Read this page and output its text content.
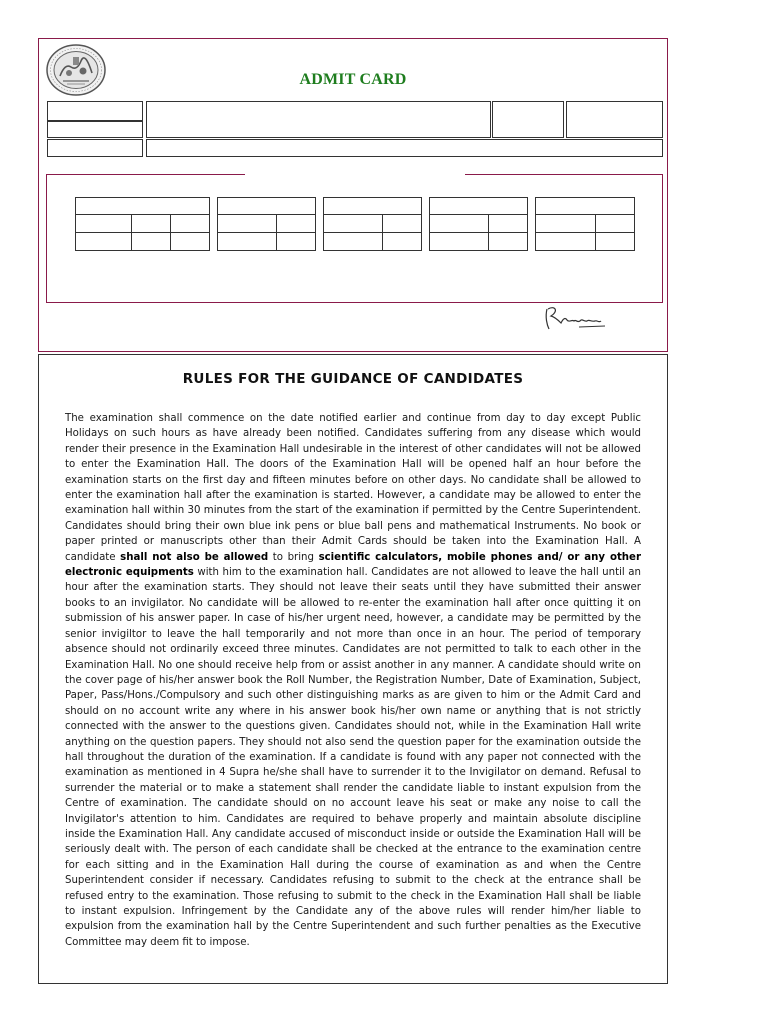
ADMIT CARD
RULES FOR THE GUIDANCE OF CANDIDATES
The examination shall commence on the date notified earlier and continue from day to day except Public Holidays on such hours as have already been notified. Candidates suffering from any disease which would render their presence in the Examination Hall undesirable in the interest of other candidates will not be allowed to enter the Examination Hall. The doors of the Examination Hall will be opened half an hour before the examination starts on the first day and fifteen minutes before on other days. No candidate shall be allowed to enter the examination hall after the examination is started. However, a candidate may be allowed to enter the examination hall within 30 minutes from the start of the examination if permitted by the Centre Superintendent. Candidates should bring their own blue ink pens or blue ball pens and mathematical Instruments. No book or paper printed or manuscripts other than their Admit Cards should be taken into the Examination Hall. A candidate shall not also be allowed to bring scientific calculators, mobile phones and/ or any other electronic equipments with him to the examination hall. Candidates are not allowed to leave the hall until an hour after the examination starts. They should not leave their seats until they have submitted their answer books to an invigilator. No candidate will be allowed to re-enter the examination hall after once quitting it on submission of his answer paper. In case of his/her urgent need, however, a candidate may be permitted by the senior invigiltor to leave the hall temporarily and not more than once in an hour. The period of temporary absence should not ordinarily exceed three minutes. Candidates are not permitted to talk to each other in the Examination Hall. No one should receive help from or assist another in any manner. A candidate should write on the cover page of his/her answer book the Roll Number, the Registration Number, Date of Examination, Subject, Paper, Pass/Hons./Compulsory and such other distinguishing marks as are given to him or the Admit Card and should on no account write any where in his answer book his/her own name or anything that is not strictly connected with the answer to the questions given. Candidates should not, while in the Examination Hall write anything on the question papers. They should not also send the question paper for the examination outside the hall throughout the duration of the examination. If a candidate is found with any paper not connected with the examination as mentioned in 4 Supra he/she shall have to surrender it to the Invigilator on demand. Refusal to surrender the material or to make a statement shall render the candidate liable to instant expulsion from the Centre of examination. The candidate should on no account leave his seat or make any noise to call the Invigilator's attention to him. Candidates are required to behave properly and maintain absolute discipline inside the Examination Hall. Any candidate accused of misconduct inside or outside the Examination Hall will be seriously dealt with. The person of each candidate shall be checked at the entrance to the examination centre for each sitting and in the Examination Hall during the course of examination as and when the Centre Superintendent consider if necessary. Candidates refusing to submit to the check at the entrance shall be refused entry to the examination. Those refusing to submit to the check in the Examination Hall shall be liable to instant expulsion. Infringement by the Candidate any of the above rules will render him/her liable to expulsion from the examination hall by the Centre Superintendent and such further penalties as the Executive Committee may deem fit to impose.
